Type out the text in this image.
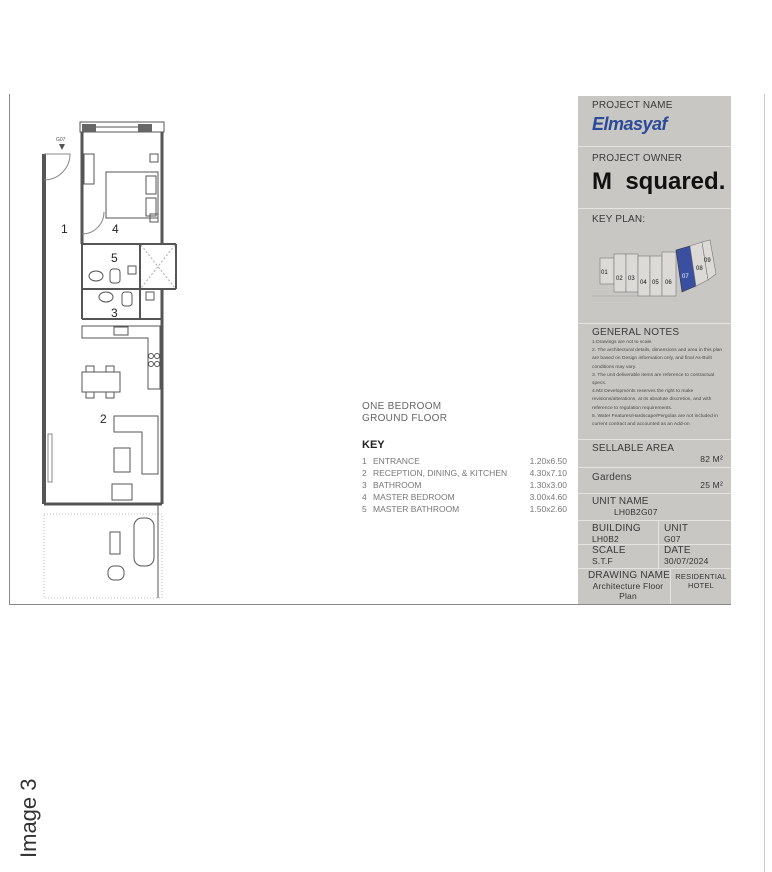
G07
1
2
3
4
5
ONE BEDROOM
GROUND FLOOR
KEY
1 ENTRANCE	1.20x6.50
2 RECEPTION, DINING, & KITCHEN	4.30x7.10
3 BATHROOM	1.30x3.00
4 MASTER BEDROOM	3.00x4.60
5 MASTER BATHROOM	1.50x2.60
PROJECT NAME
Elmasyaf
PROJECT OWNER
M  squared.
KEY PLAN:
01
02 03
04 05 06
07
08
09
GENERAL NOTES
1.Drawings are not to scale.
2. The architectural details, dimensions and area in this plan are based on Design information only, and final As-Built conditions may vary.
3. The unit deliverable items are reference to contractual specs.
4.M2 Developments reserves the right to make revisions/alterations, at its absolute discretion, and with reference to regulation requirements.
5. Water Features/Hardscape/Pergolas are not included in current contract and accounted as an Add-on
SELLABLE AREA
82 M²
Gardens
25 M²
UNIT NAME
LH0B2G07
BUILDING
LH0B2
UNIT
G07
SCALE
S.T.F
DATE
30/07/2024
DRAWING NAME
Architecture Floor Plan
RESIDENTIAL HOTEL
Image 3
